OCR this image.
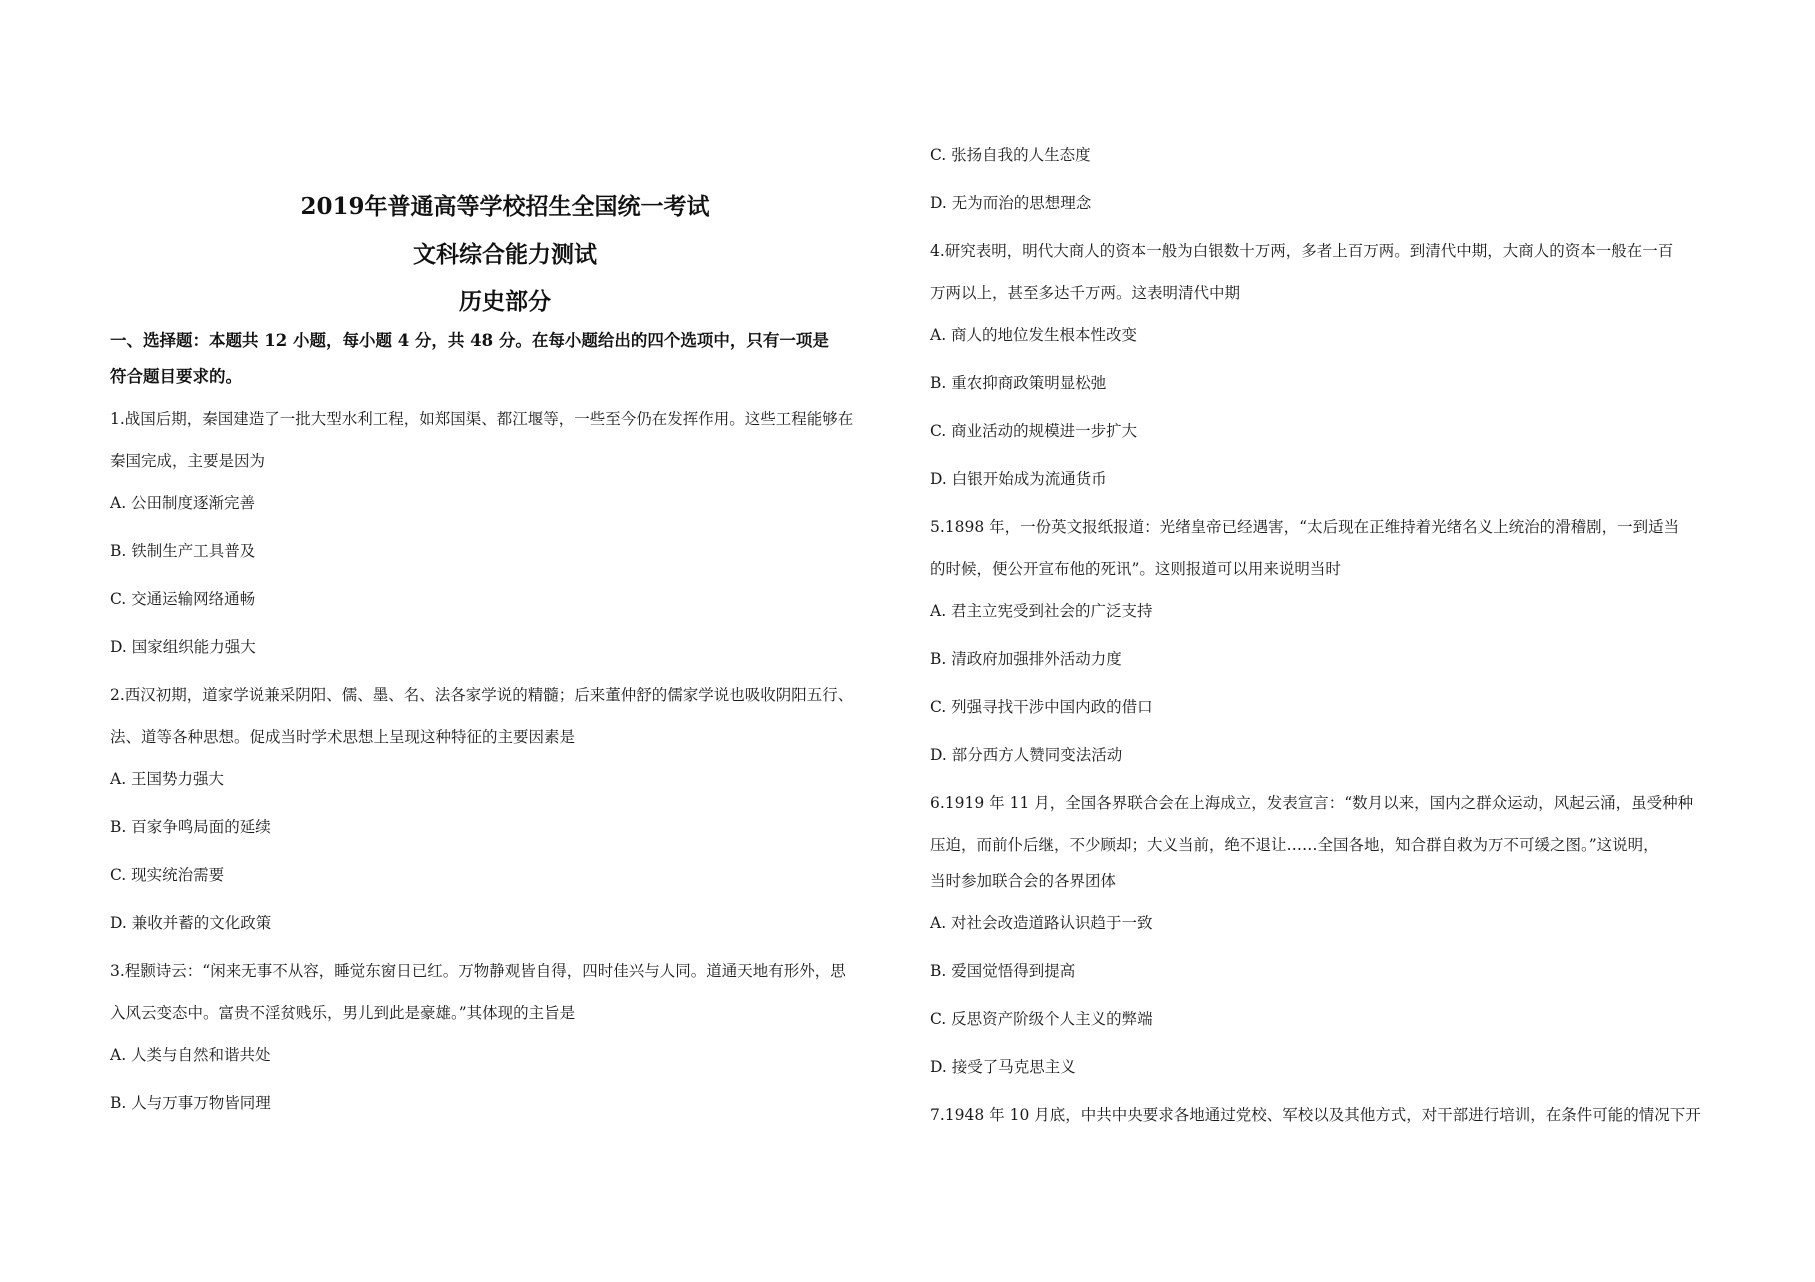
2019年普通高等学校招生全国统一考试
文科综合能力测试
历史部分
一、选择题：本题共 12 小题，每小题 4 分，共 48 分。在每小题给出的四个选项中，只有一项是
符合题目要求的。
1.战国后期，秦国建造了一批大型水利工程，如郑国渠、都江堰等，一些至今仍在发挥作用。这些工程能够在
秦国完成，主要是因为
A. 公田制度逐渐完善
B. 铁制生产工具普及
C. 交通运输网络通畅
D. 国家组织能力强大
2.西汉初期，道家学说兼采阴阳、儒、墨、名、法各家学说的精髓；后来董仲舒的儒家学说也吸收阴阳五行、
法、道等各种思想。促成当时学术思想上呈现这种特征的主要因素是
A. 王国势力强大
B. 百家争鸣局面的延续
C. 现实统治需要
D. 兼收并蓄的文化政策
3.程颢诗云：“闲来无事不从容，睡觉东窗日已红。万物静观皆自得，四时佳兴与人同。道通天地有形外，思
入风云变态中。富贵不淫贫贱乐，男儿到此是豪雄。”其体现的主旨是
A. 人类与自然和谐共处
B. 人与万事万物皆同理
C. 张扬自我的人生态度
D. 无为而治的思想理念
4.研究表明，明代大商人的资本一般为白银数十万两，多者上百万两。到清代中期，大商人的资本一般在一百
万两以上，甚至多达千万两。这表明清代中期
A. 商人的地位发生根本性改变
B. 重农抑商政策明显松弛
C. 商业活动的规模进一步扩大
D. 白银开始成为流通货币
5.1898 年，一份英文报纸报道：光绪皇帝已经遇害，“太后现在正维持着光绪名义上统治的滑稽剧，一到适当
的时候，便公开宣布他的死讯”。这则报道可以用来说明当时
A. 君主立宪受到社会的广泛支持
B. 清政府加强排外活动力度
C. 列强寻找干涉中国内政的借口
D. 部分西方人赞同变法活动
6.1919 年 11 月，全国各界联合会在上海成立，发表宣言：“数月以来，国内之群众运动，风起云涌，虽受种种
压迫，而前仆后继，不少顾却；大义当前，绝不退让……全国各地，知合群自救为万不可缓之图。”这说明，
当时参加联合会的各界团体
A. 对社会改造道路认识趋于一致
B. 爱国觉悟得到提高
C. 反思资产阶级个人主义的弊端
D. 接受了马克思主义
7.1948 年 10 月底，中共中央要求各地通过党校、军校以及其他方式，对干部进行培训，在条件可能的情况下开
